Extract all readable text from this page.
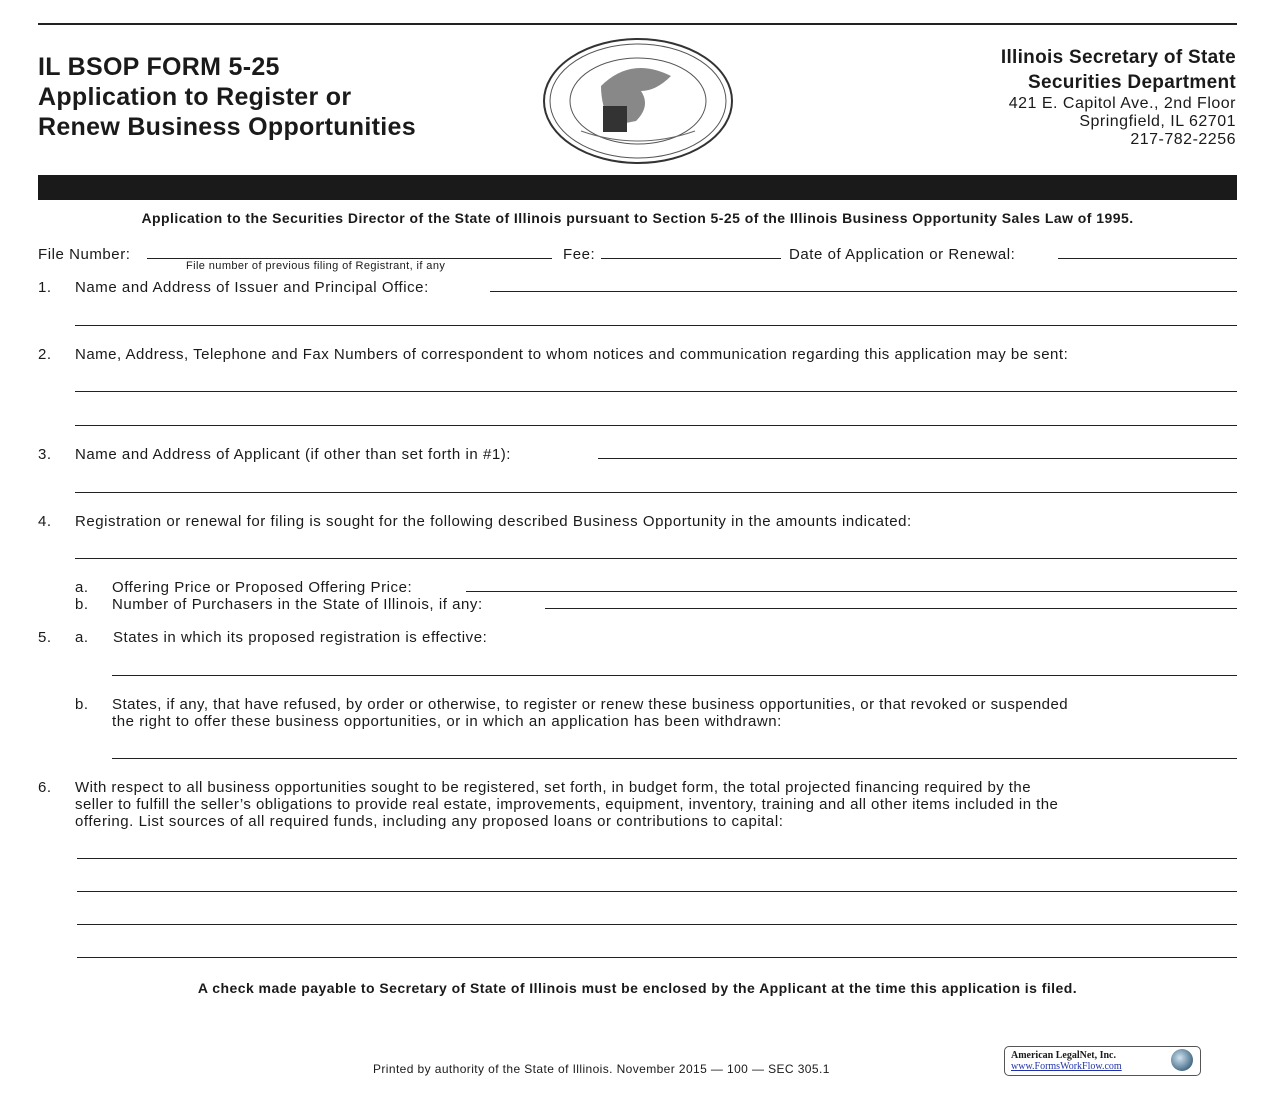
IL BSOP FORM 5-25
Application to Register or
Renew Business Opportunities
Illinois Secretary of State
Securities Department
421 E. Capitol Ave., 2nd Floor
Springfield, IL 62701
217-782-2256
Application to the Securities Director of the State of Illinois pursuant to Section 5-25 of the Illinois Business Opportunity Sales Law of 1995.
File Number:
File number of previous filing of Registrant, if any
Fee:	Date of Application or Renewal:
1. Name and Address of Issuer and Principal Office:
2. Name, Address, Telephone and Fax Numbers of correspondent to whom notices and communication regarding this application may be sent:
3. Name and Address of Applicant (if other than set forth in #1):
4. Registration or renewal for filing is sought for the following described Business Opportunity in the amounts indicated:
a. Offering Price or Proposed Offering Price:
b. Number of Purchasers in the State of Illinois, if any:
5. a. States in which its proposed registration is effective:
b. States, if any, that have refused, by order or otherwise, to register or renew these business opportunities, or that revoked or suspended
the right to offer these business opportunities, or in which an application has been withdrawn:
6. With respect to all business opportunities sought to be registered, set forth, in budget form, the total projected financing required by the
seller to fulfill the seller’s obligations to provide real estate, improvements, equipment, inventory, training and all other items included in the
offering. List sources of all required funds, including any proposed loans or contributions to capital:
A check made payable to Secretary of State of Illinois must be enclosed by the Applicant at the time this application is filed.
Printed by authority of the State of Illinois. November 2015 — 100 — SEC 305.1
American LegalNet, Inc.
www.FormsWorkFlow.com
